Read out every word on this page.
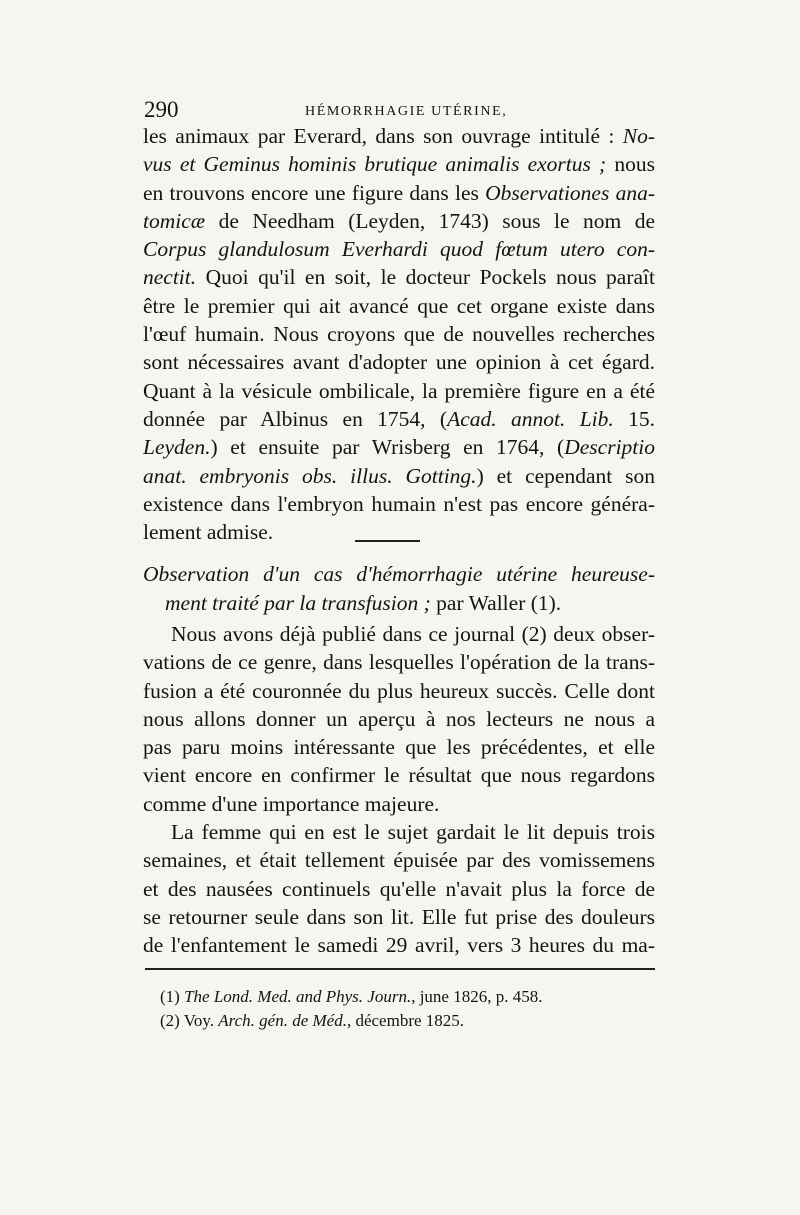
290	HÉMORRHAGIE UTÉRINE,
les animaux par Everard, dans son ouvrage intitulé : No-
vus et Geminus hominis brutique animalis exortus ; nous
en trouvons encore une figure dans les Observationes ana-
tomicæ de Needham (Leyden, 1743) sous le nom de
Corpus glandulosum Everhardi quod fœtum utero con-
nectit. Quoi qu'il en soit, le docteur Pockels nous paraît
être le premier qui ait avancé que cet organe existe dans
l'œuf humain. Nous croyons que de nouvelles recherches
sont nécessaires avant d'adopter une opinion à cet égard.
Quant à la vésicule ombilicale, la première figure en a été
donnée par Albinus en 1754, (Acad. annot. Lib. 15.
Leyden.) et ensuite par Wrisberg en 1764, (Descriptio
anat. embryonis obs. illus. Gotting.) et cependant son
existence dans l'embryon humain n'est pas encore généra-
lement admise.
Observation d'un cas d'hémorrhagie utérine heureuse-
ment traité par la transfusion ; par Waller (1).
Nous avons déjà publié dans ce journal (2) deux obser-
vations de ce genre, dans lesquelles l'opération de la trans-
fusion a été couronnée du plus heureux succès. Celle dont
nous allons donner un aperçu à nos lecteurs ne nous a
pas paru moins intéressante que les précédentes, et elle
vient encore en confirmer le résultat que nous regardons
comme d'une importance majeure.
La femme qui en est le sujet gardait le lit depuis trois
semaines, et était tellement épuisée par des vomissemens
et des nausées continuels qu'elle n'avait plus la force de
se retourner seule dans son lit. Elle fut prise des douleurs
de l'enfantement le samedi 29 avril, vers 3 heures du ma-
(1) The Lond. Med. and Phys. Journ., june 1826, p. 458.
(2) Voy. Arch. gén. de Méd., décembre 1825.
